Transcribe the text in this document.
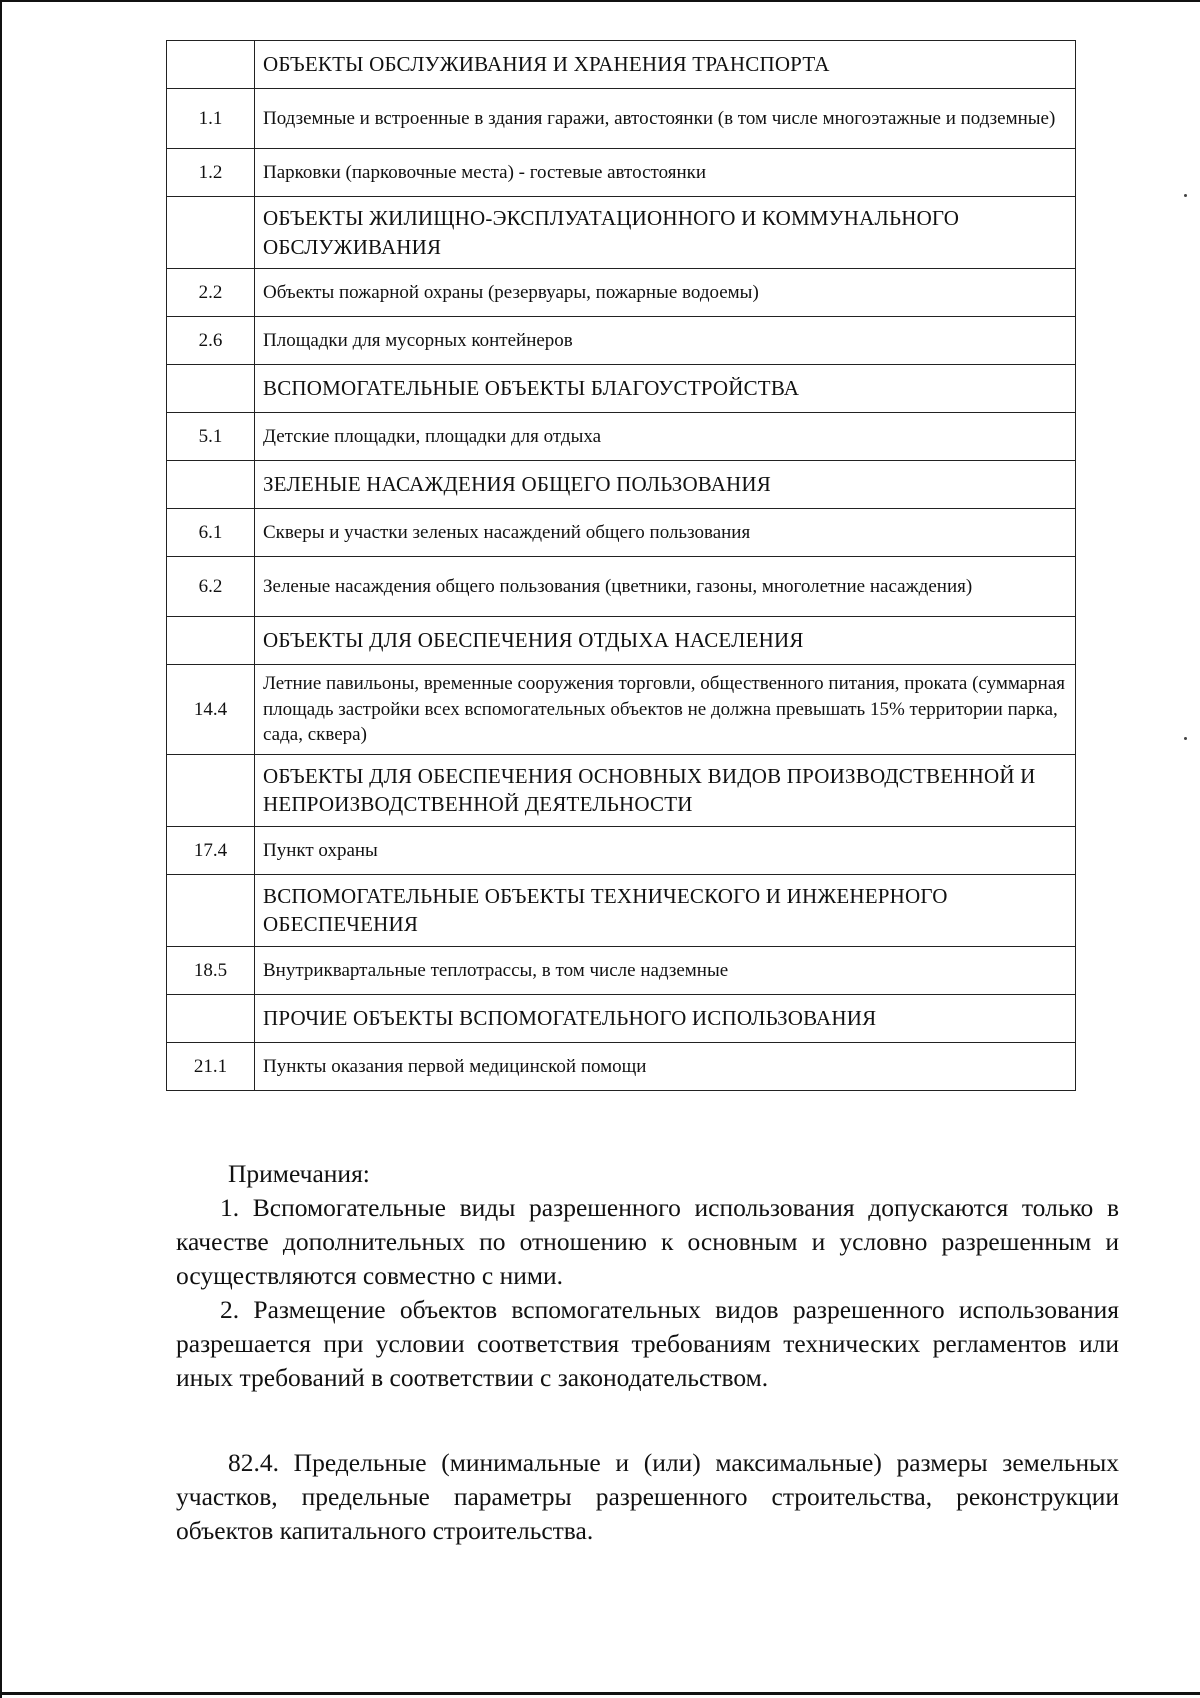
	ОБЪЕКТЫ ОБСЛУЖИВАНИЯ И ХРАНЕНИЯ ТРАНСПОРТА
1.1	Подземные и встроенные в здания гаражи, автостоянки (в том числе многоэтажные и подземные)
1.2	Парковки (парковочные места) - гостевые автостоянки
	ОБЪЕКТЫ ЖИЛИЩНО-ЭКСПЛУАТАЦИОННОГО И КОММУНАЛЬНОГО ОБСЛУЖИВАНИЯ
2.2	Объекты пожарной охраны (резервуары, пожарные водоемы)
2.6	Площадки для мусорных контейнеров
	ВСПОМОГАТЕЛЬНЫЕ ОБЪЕКТЫ БЛАГОУСТРОЙСТВА
5.1	Детские площадки, площадки для отдыха
	ЗЕЛЕНЫЕ НАСАЖДЕНИЯ ОБЩЕГО ПОЛЬЗОВАНИЯ
6.1	Скверы и участки зеленых насаждений общего пользования
6.2	Зеленые насаждения общего пользования (цветники, газоны, многолетние насаждения)
	ОБЪЕКТЫ ДЛЯ ОБЕСПЕЧЕНИЯ ОТДЫХА НАСЕЛЕНИЯ
14.4	Летние павильоны, временные сооружения торговли, общественного питания, проката (суммарная площадь застройки всех вспомогательных объектов не должна превышать 15% территории парка, сада, сквера)
	ОБЪЕКТЫ ДЛЯ ОБЕСПЕЧЕНИЯ ОСНОВНЫХ ВИДОВ ПРОИЗВОДСТВЕННОЙ И НЕПРОИЗВОДСТВЕННОЙ ДЕЯТЕЛЬНОСТИ
17.4	Пункт охраны
	ВСПОМОГАТЕЛЬНЫЕ ОБЪЕКТЫ ТЕХНИЧЕСКОГО И ИНЖЕНЕРНОГО ОБЕСПЕЧЕНИЯ
18.5	Внутриквартальные теплотрассы, в том числе надземные
	ПРОЧИЕ ОБЪЕКТЫ ВСПОМОГАТЕЛЬНОГО ИСПОЛЬЗОВАНИЯ
21.1	Пункты оказания первой медицинской помощи

Примечания:

1. Вспомогательные виды разрешенного использования допускаются только в качестве дополнительных по отношению к основным и условно разрешенным и осуществляются совместно с ними.

2. Размещение объектов вспомогательных видов разрешенного использования разрешается при условии соответствия требованиям технических регламентов или иных требований в соответствии с законодательством.

82.4. Предельные (минимальные и (или) максимальные) размеры земельных участков, предельные параметры разрешенного строительства, реконструкции объектов капитального строительства.
